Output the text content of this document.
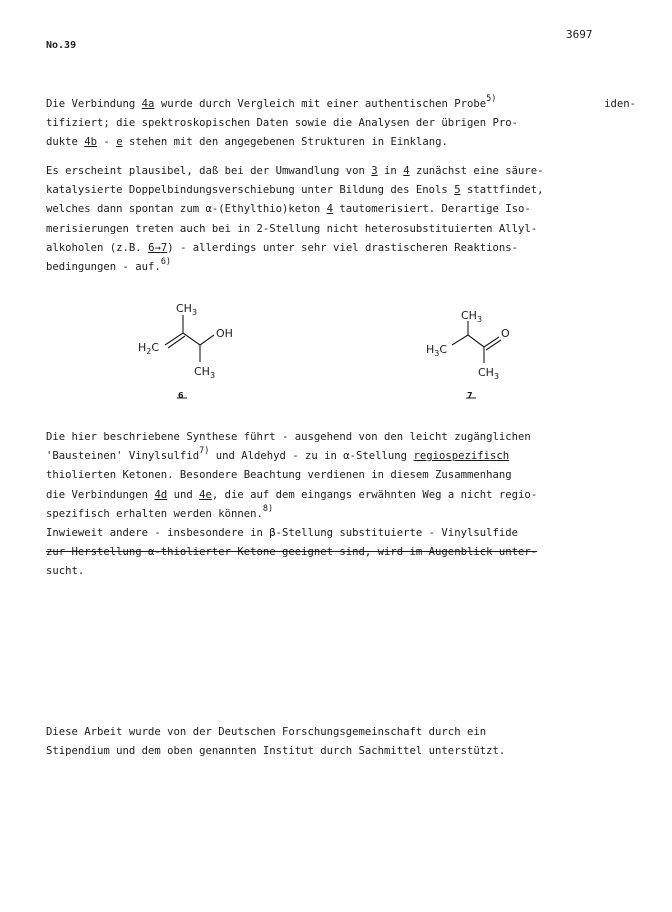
No.39
3697
Die Verbindung 4a wurde durch Vergleich mit einer authentischen Probe$^{5)}$	iden-
tifiziert; die spektroskopischen Daten sowie die Analysen der übrigen Pro-
dukte 4b - e stehen mit den angegebenen Strukturen in Einklang.
Es erscheint plausibel, daß bei der Umwandlung von 3 in 4 zunächst eine säure-
katalysierte Doppelbindungsverschiebung unter Bildung des Enols 5 stattfindet,
welches dann spontan zum α-(Ethylthio)keton 4 tautomerisiert. Derartige Iso-
merisierungen treten auch bei in 2-Stellung nicht heterosubstituierten Allyl-
alkoholen (z.B. 6→7) - allerdings unter sehr viel drastischeren Reaktions-
bedingungen - auf.$^{6)}$
$CH_3$
$H_2C$
OH
$CH_3$
$_6$
$CH_3$
$H_3C$
O
$CH_3$
$_7$
Die hier beschriebene Synthese führt - ausgehend von den leicht zugänglichen
'Bausteinen' Vinylsulfid$^{7)}$ und Aldehyd - zu in α-Stellung regiospezifisch
thiolierten Ketonen. Besondere Beachtung verdienen in diesem Zusammenhang
die Verbindungen 4d und 4e, die auf dem eingangs erwähnten Weg a nicht regio-
spezifisch erhalten werden können.$^{8)}$
Inwieweit andere - insbesondere in β-Stellung substituierte - Vinylsulfide
zur Herstellung α-thiolierter Ketone geeignet sind, wird im Augenblick unter-
sucht.
Diese Arbeit wurde von der Deutschen Forschungsgemeinschaft durch ein
Stipendium und dem oben genannten Institut durch Sachmittel unterstützt.
